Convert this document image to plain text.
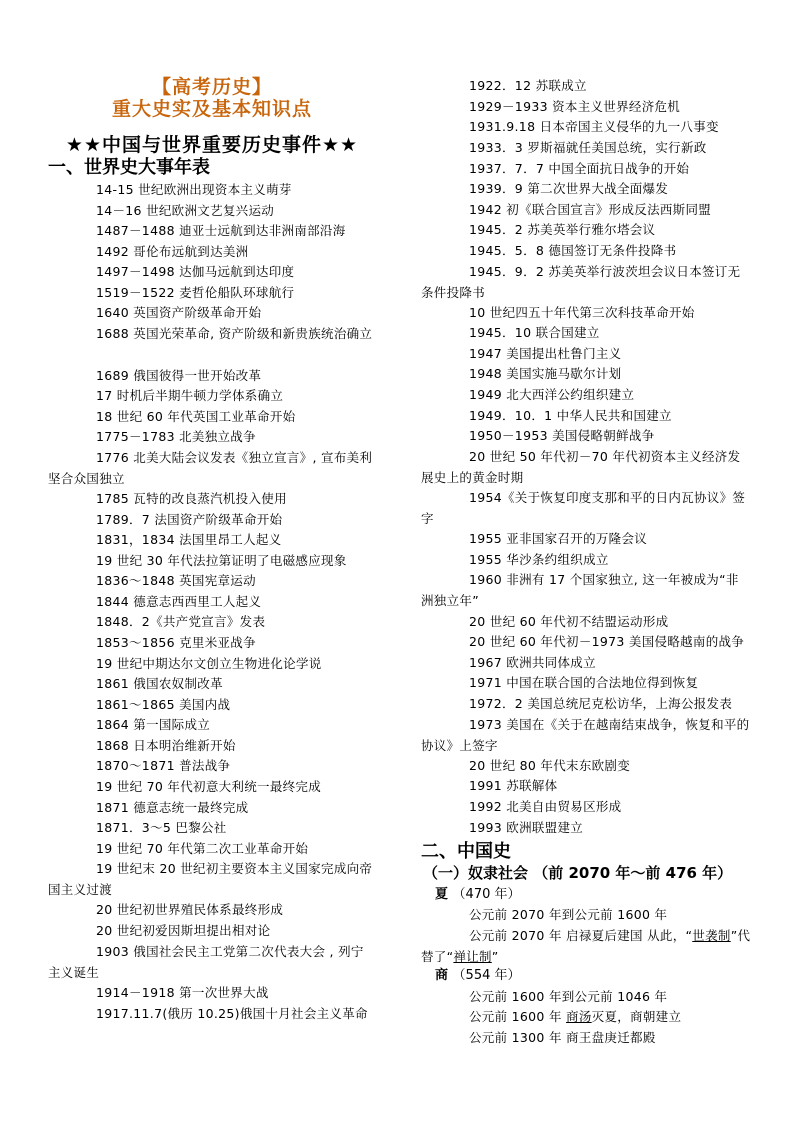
【高考历史】
重大史实及基本知识点
★★中国与世界重要历史事件★★
一、世界史大事年表
14-15 世纪欧洲出现资本主义萌芽
14－16 世纪欧洲文艺复兴运动
1487－1488 迪亚士远航到达非洲南部沿海
1492 哥伦布远航到达美洲
1497－1498 达伽马远航到达印度
1519－1522 麦哲伦船队环球航行
1640 英国资产阶级革命开始
1688 英国光荣革命, 资产阶级和新贵族统治确立
1689 俄国彼得一世开始改革
17 时机后半期牛顿力学体系确立
18 世纪 60 年代英国工业革命开始
1775－1783 北美独立战争
1776 北美大陆会议发表《独立宣言》, 宣布美利坚合众国独立
1785 瓦特的改良蒸汽机投入使用
1789．7 法国资产阶级革命开始
1831，1834 法国里昂工人起义
19 世纪 30 年代法拉第证明了电磁感应现象
1836～1848 英国宪章运动
1844 德意志西西里工人起义
1848．2《共产党宣言》发表
1853～1856 克里米亚战争
19 世纪中期达尔文创立生物进化论学说
1861 俄国农奴制改革
1861～1865 美国内战
1864 第一国际成立
1868 日本明治维新开始
1870～1871 普法战争
19 世纪 70 年代初意大利统一最终完成
1871 德意志统一最终完成
1871．3～5 巴黎公社
19 世纪 70 年代第二次工业革命开始
19 世纪末 20 世纪初主要资本主义国家完成向帝国主义过渡
20 世纪初世界殖民体系最终形成
20 世纪初爱因斯坦提出相对论
1903 俄国社会民主工党第二次代表大会 , 列宁主义诞生
1914－1918 第一次世界大战
1917.11.7(俄历 10.25)俄国十月社会主义革命
1922．12 苏联成立
1929－1933 资本主义世界经济危机
1931.9.18 日本帝国主义侵华的九一八事变
1933．3 罗斯福就任美国总统，实行新政
1937．7．7 中国全面抗日战争的开始
1939．9 第二次世界大战全面爆发
1942 初《联合国宣言》形成反法西斯同盟
1945．2 苏美英举行雅尔塔会议
1945．5．8 德国签订无条件投降书
1945．9．2 苏美英举行波茨坦会议日本签订无条件投降书
10 世纪四五十年代第三次科技革命开始
1945．10 联合国建立
1947 美国提出杜鲁门主义
1948 美国实施马歇尔计划
1949 北大西洋公约组织建立
1949．10．1 中华人民共和国建立
1950－1953 美国侵略朝鲜战争
20 世纪 50 年代初－70 年代初资本主义经济发展史上的黄金时期
1954《关于恢复印度支那和平的日内瓦协议》签字
1955 亚非国家召开的万隆会议
1955 华沙条约组织成立
1960 非洲有 17 个国家独立, 这一年被成为“非洲独立年”
20 世纪 60 年代初不结盟运动形成
20 世纪 60 年代初－1973 美国侵略越南的战争
1967 欧洲共同体成立
1971 中国在联合国的合法地位得到恢复
1972．2 美国总统尼克松访华，上海公报发表
1973 美国在《关于在越南结束战争，恢复和平的协议》上签字
20 世纪 80 年代末东欧剧变
1991 苏联解体
1992 北美自由贸易区形成
1993 欧洲联盟建立
二、中国史
（一）奴隶社会 （前 2070 年～前 476 年）
夏 （470 年）
公元前 2070 年到公元前 1600 年
公元前 2070 年 启禄夏后建国 从此，“世袭制”代替了“禅让制”
商 （554 年）
公元前 1600 年到公元前 1046 年
公元前 1600 年 商汤灭夏，商朝建立
公元前 1300 年 商王盘庚迁都殿
